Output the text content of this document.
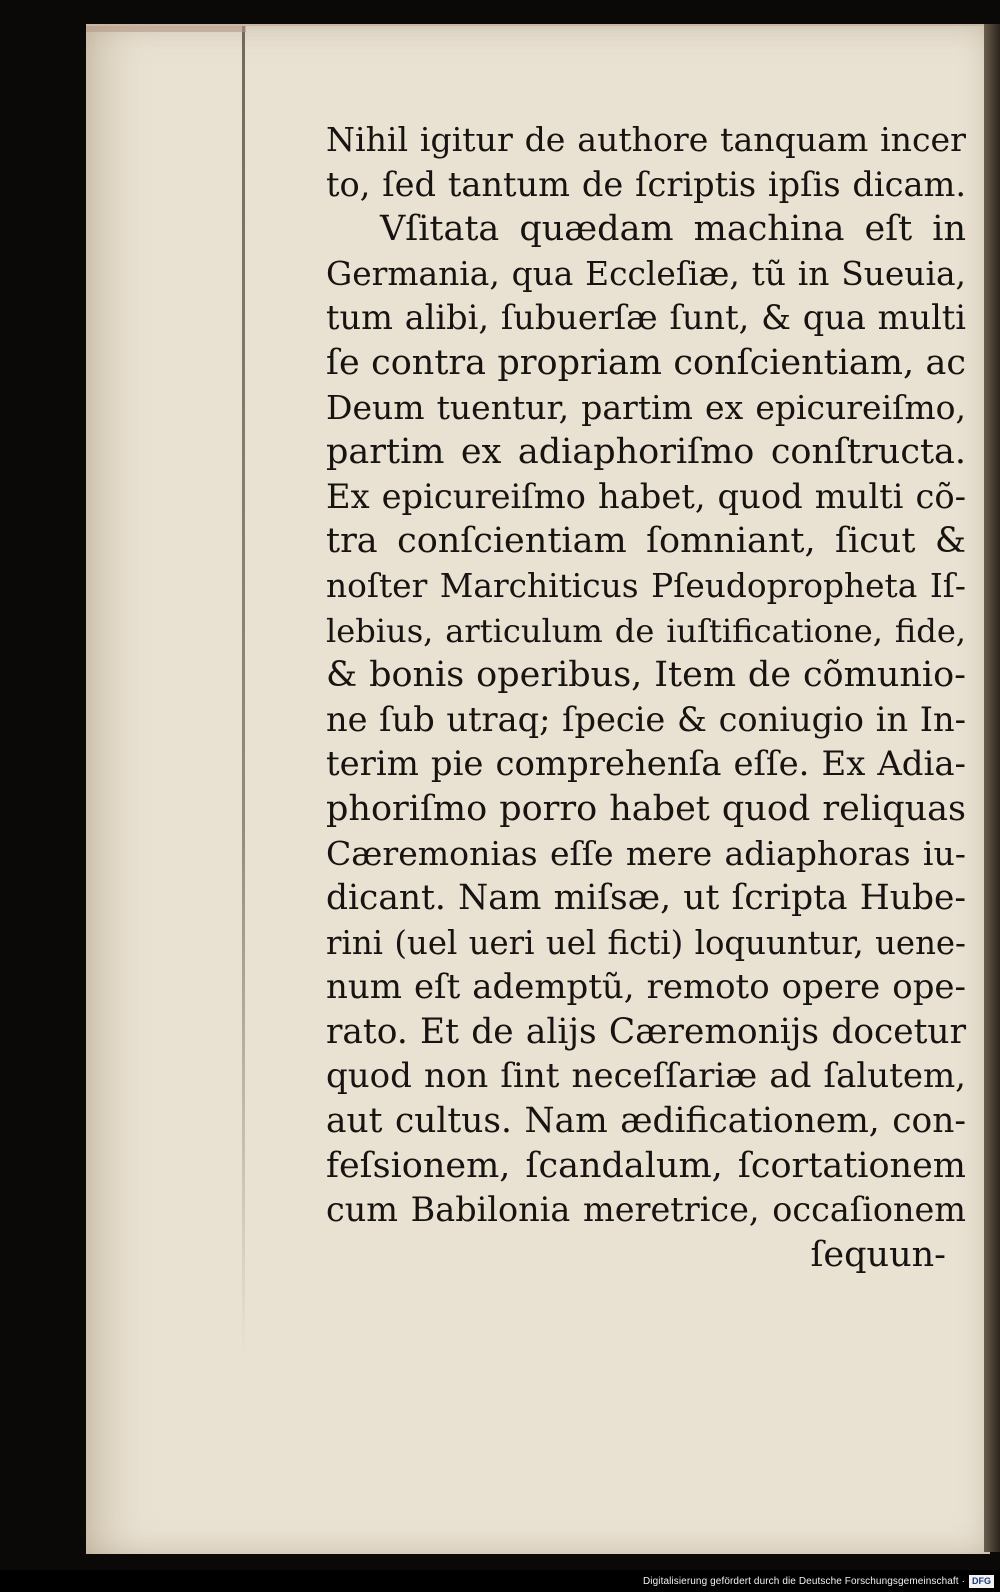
Nihil igitur de authore tanquam incer
to, ſed tantum de ſcriptis ipſis dicam.
Vſitata quædam machina eſt in
Germania, qua Eccleſiæ, tũ in Sueuia,
tum alibi, ſubuerſæ ſunt, & qua multi
ſe contra propriam conſcientiam, ac
Deum tuentur, partim ex epicureiſmo,
partim ex adiaphoriſmo conſtructa.
Ex epicureiſmo habet, quod multi cõ-
tra conſcientiam ſomniant, ſicut &
noſter Marchiticus Pſeudopropheta Iſ-
lebius, articulum de iuſtificatione, fide,
& bonis operibus, Item de cõmunio-
ne ſub utraq; ſpecie & coniugio in In-
terim pie comprehenſa eſſe. Ex Adia-
phoriſmo porro habet quod reliquas
Cæremonias eſſe mere adiaphoras iu-
dicant. Nam miſsæ, ut ſcripta Hube-
rini (uel ueri uel ficti) loquuntur, uene-
num eſt ademptũ, remoto opere ope-
rato. Et de alijs Cæremonijs docetur
quod non ſint neceſſariæ ad ſalutem,
aut cultus. Nam ædificationem, con-
feſsionem, ſcandalum, ſcortationem
cum Babilonia meretrice, occaſionem
ſequun-
Digitalisierung gefördert durch die Deutsche Forschungsgemeinschaft · DFG
